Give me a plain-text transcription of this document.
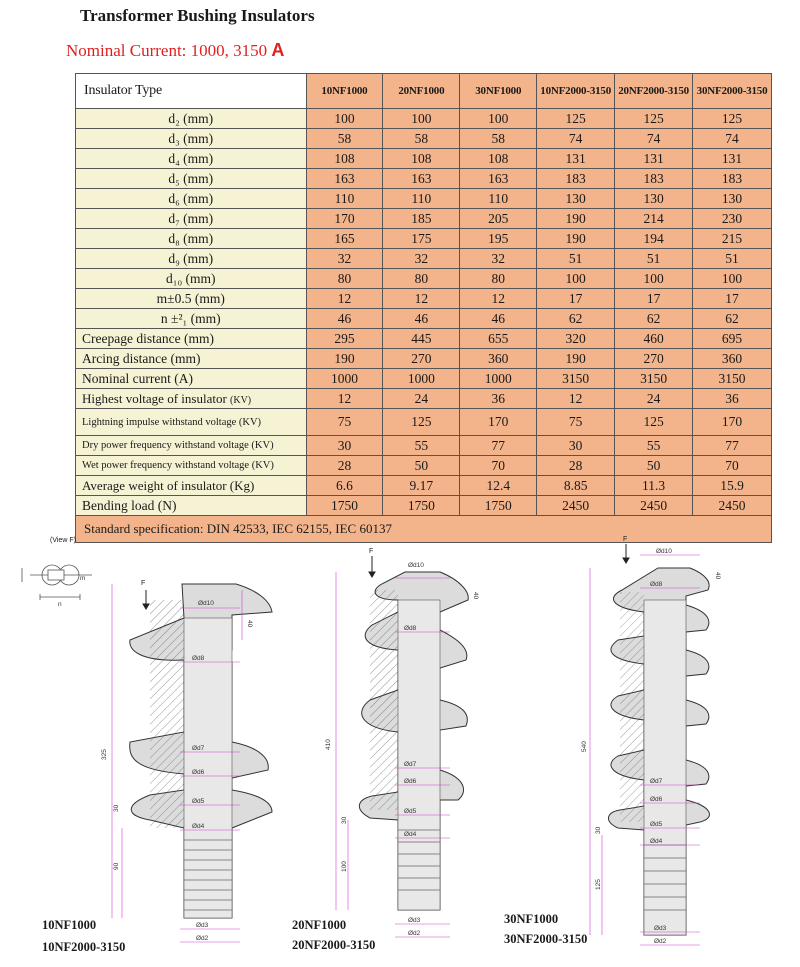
Transformer Bushing Insulators
Nominal Current: 1000, 3150 A
Insulator Type	10NF1000	20NF1000	30NF1000	10NF2000-3150	20NF2000-3150	30NF2000-3150
d₂ (mm)	100	100	100	125	125	125
d₃ (mm)	58	58	58	74	74	74
d₄ (mm)	108	108	108	131	131	131
d₅ (mm)	163	163	163	183	183	183
d₆ (mm)	110	110	110	130	130	130
d₇ (mm)	170	185	205	190	214	230
d₈ (mm)	165	175	195	190	194	215
d₉ (mm)	32	32	32	51	51	51
d₁₀ (mm)	80	80	80	100	100	100
m±0.5 (mm)	12	12	12	17	17	17
n ±²₁ (mm)	46	46	46	62	62	62
Creepage distance (mm)	295	445	655	320	460	695
Arcing distance (mm)	190	270	360	190	270	360
Nominal current (A)	1000	1000	1000	3150	3150	3150
Highest voltage of insulator (KV)	12	24	36	12	24	36
Lightning impulse withstand voltage (KV)	75	125	170	75	125	170
Dry power frequency withstand voltage (KV)	30	55	77	30	55	77
Wet power frequency withstand voltage (KV)	28	50	70	28	50	70
Average weight of insulator (Kg)	6.6	9.17	12.4	8.85	11.3	15.9
Bending load (N)	1750	1750	1750	2450	2450	2450
Standard specification: DIN 42533, IEC 62155, IEC 60137						
(View F)
F
F
F
Ød10
Ød8
Ød7
Ød6
Ød5
Ød4
Ød3
Ød2
325
90
30
40
Ød10
Ød8
Ød7
Ød6
Ød5
Ød4
Ød3
Ød2
410
100
30
40
Ød10
Ød8
Ød7
Ød6
Ød5
Ød4
Ød3
Ød2
540
125
30
40
m
n
10NF1000
10NF2000-3150
20NF1000
20NF2000-3150
30NF1000
30NF2000-3150
